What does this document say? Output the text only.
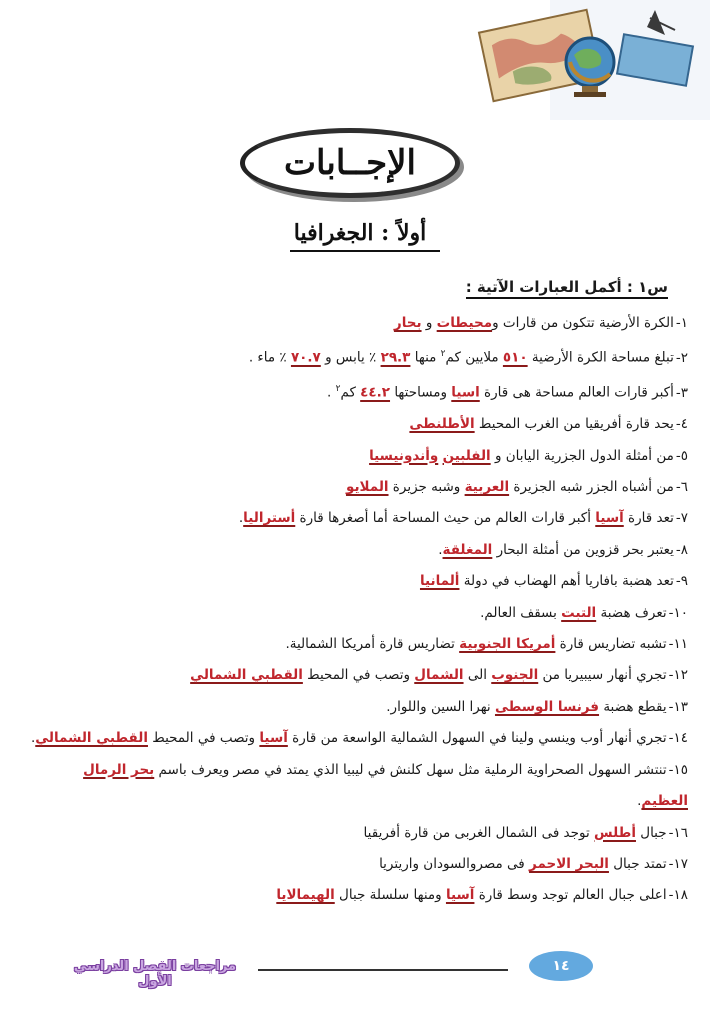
الإجــابات
أولاً : الجغرافيا
س١ : أكمل العبارات الآتية :
١-الكرة الأرضية تتكون من قارات ومحيطات و بحار
٢-تبلغ مساحة الكرة الأرضية ٥١٠ ملايين كم$^٢$ منها ٢٩.٣ ٪ يابس و ٧٠.٧ ٪ ماء .
٣-أكبر قارات العالم مساحة هى قارة اسيا ومساحتها ٤٤.٢ كم$^٢$ .
٤-يحد قارة أفريقيا من الغرب المحيط الأطلنطى
٥-من أمثلة الدول الجزرية اليابان و الفلبين وأندونيسيا
٦-من أشباه الجزر شبه الجزيرة العربية وشبه جزيرة الملايو
٧-تعد قارة آسيا أكبر قارات العالم من حيث المساحة أما أصغرها قارة أستراليا.
٨-يعتبر بحر قزوين من أمثلة البحار المغلقة.
٩-تعد هضبة بافاريا أهم الهضاب في دولة ألمانيا
١٠-تعرف هضبة التبت بسقف العالم.
١١-تشبه تضاريس قارة أمريكا الجنوبية تضاريس قارة أمريكا الشمالية.
١٢-تجري أنهار سيبيريا من الجنوب الى الشمال وتصب في المحيط القطبي الشمالي
١٣-يقطع هضبة فرنسا الوسطى نهرا السين واللوار.
١٤-تجري أنهار أوب وينسي ولينا في السهول الشمالية الواسعة من قارة آسيا وتصب في المحيط القطبي الشمالي.
١٥-تنتشر السهول الصحراوية الرملية مثل سهل كلنش في ليبيا الذي يمتد في مصر ويعرف باسم بحر الرمال العظيم.
١٦-جبال أطلس توجد فى الشمال الغربى من قارة أفريقيا
١٧-تمتد جبال البحر الاحمر فى مصروالسودان واريتريا
١٨-اعلى جبال العالم توجد وسط قارة آسيا ومنها سلسلة جبال الهيمالايا
١٤
مراجعات الفصل الدراسي الأول
